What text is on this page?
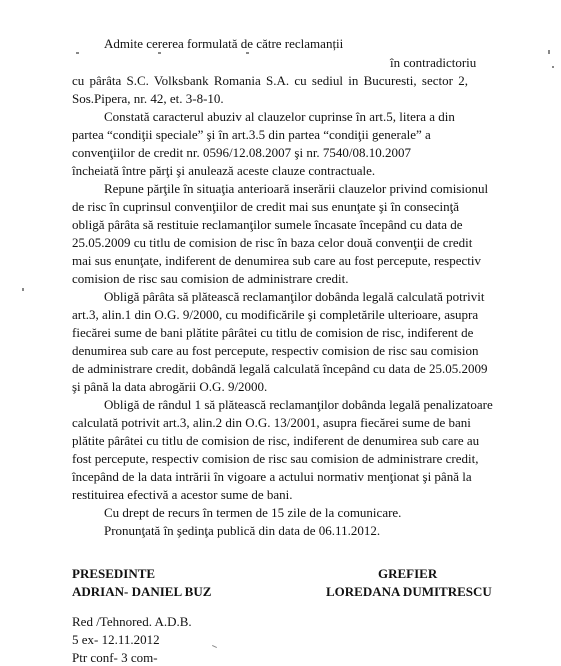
Admite cererea formulată de către reclamanții
în contradictoriu
cu pârâta S.C. Volksbank Romania S.A. cu sediul in Bucuresti, sector 2,
Sos.Pipera, nr. 42, et. 3-8-10.
Constată caracterul abuziv al clauzelor cuprinse în art.5, litera a din
partea “condiţii speciale” şi în art.3.5 din partea “condiţii generale” a
convenţiilor de credit nr. 0596/12.08.2007 şi nr. 7540/08.10.2007
încheiată între părţi şi anulează aceste clauze contractuale.
Repune părţile în situaţia anterioară inserării clauzelor privind comisionul
de risc în cuprinsul convenţiilor de credit mai sus enunţate şi în consecinţă
obligă pârâta să restituie reclamanţilor sumele încasate începând cu data de
25.05.2009 cu titlu de comision de risc în baza celor două convenţii de credit
mai sus enunţate, indiferent de denumirea sub care au fost percepute, respectiv
comision de risc sau comision de administrare credit.
Obligă pârâta să plătească reclamanţilor dobânda legală calculată potrivit
art.3, alin.1 din O.G. 9/2000, cu modificările şi completările ulterioare, asupra
fiecărei sume de bani plătite pârâtei cu titlu de comision de risc, indiferent de
denumirea sub care au fost percepute, respectiv comision de risc sau comision
de administrare credit, dobândă legală calculată începând cu data de 25.05.2009
şi până la data abrogării O.G. 9/2000.
Obligă de rândul 1 să plătească reclamanţilor dobânda legală penalizatoare
calculată potrivit art.3, alin.2 din O.G. 13/2001, asupra fiecărei sume de bani
plătite pârâtei cu titlu de comision de risc, indiferent de denumirea sub care au
fost percepute, respectiv comision de risc sau comision de administrare credit,
începând de la data intrării în vigoare a actului normativ menţionat şi până la
restituirea efectivă a acestor sume de bani.
Cu drept de recurs în termen de 15 zile de la comunicare.
Pronunţată în şedinţa publică din data de 06.11.2012.
PRESEDINTE
ADRIAN- DANIEL BUZ
GREFIER
LOREDANA DUMITRESCU
Red /Tehnored. A.D.B.
5 ex- 12.11.2012
Ptr conf- 3 com-
